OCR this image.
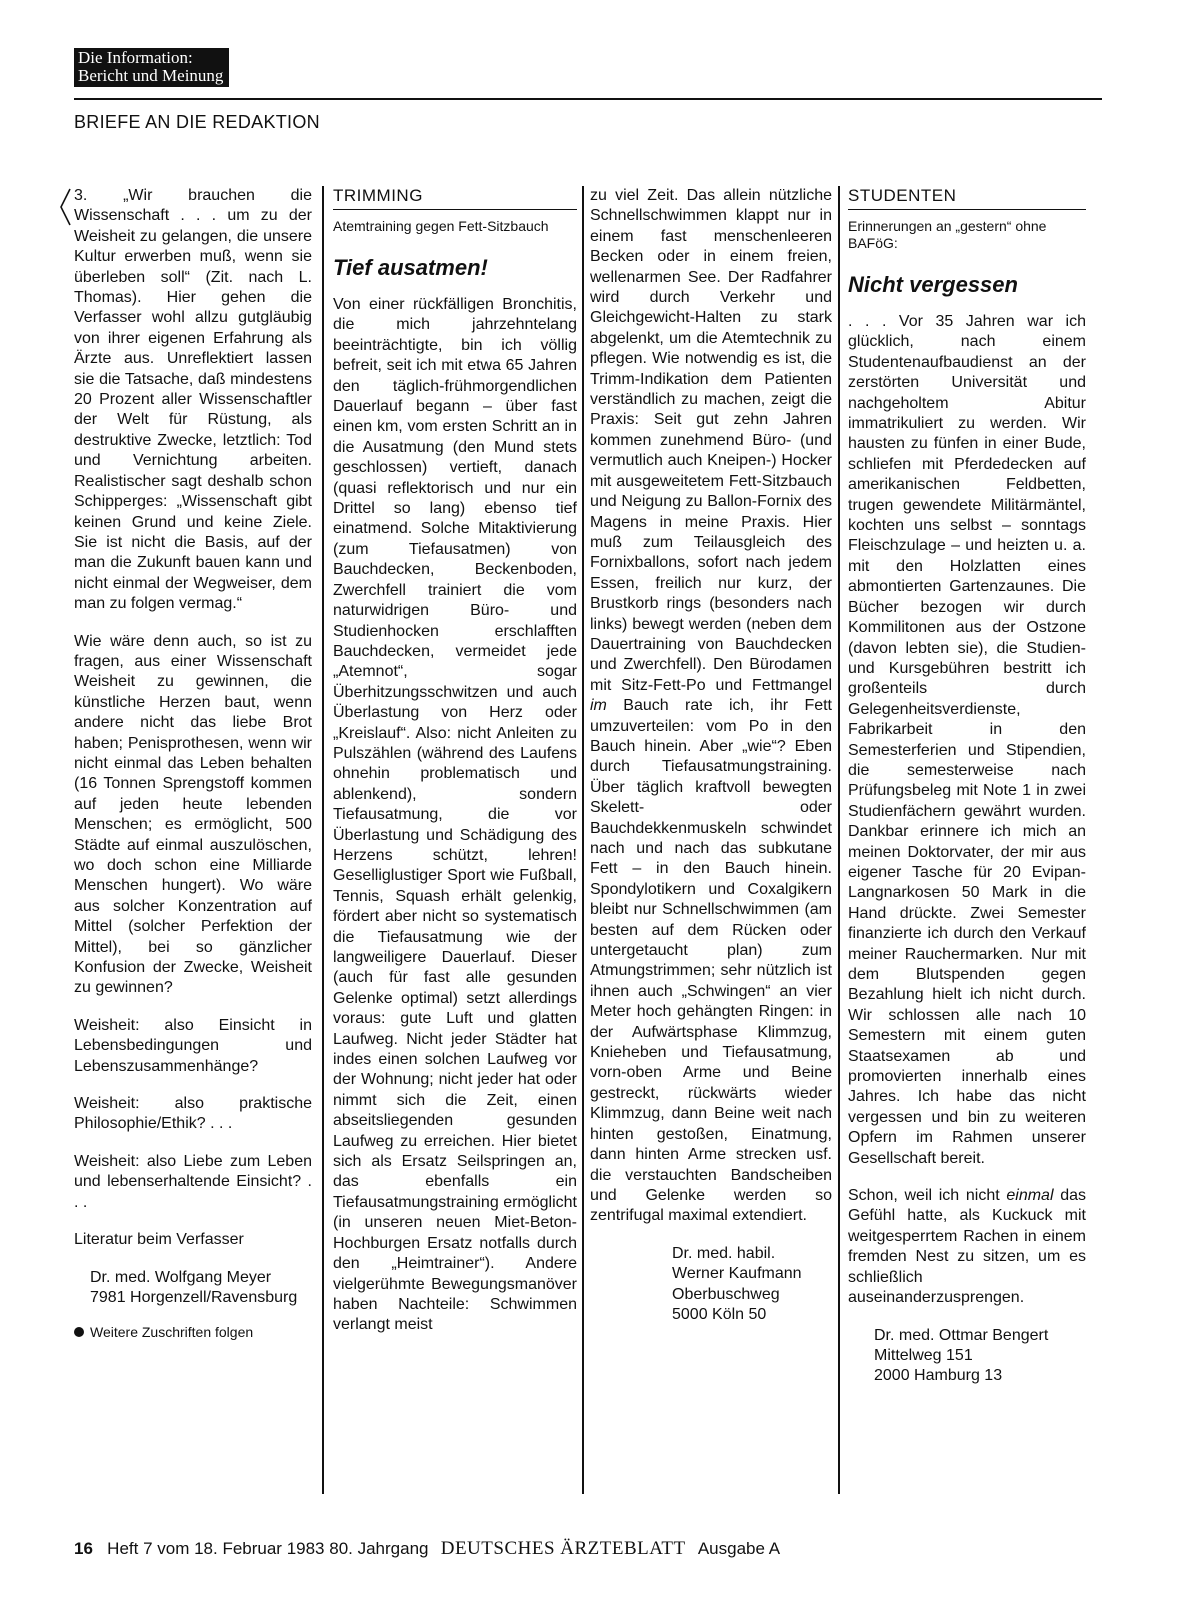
Die Information:
Bericht und Meinung
BRIEFE AN DIE REDAKTION

3. „Wir brauchen die Wissenschaft . . . um zu der Weisheit zu gelangen, die unsere Kultur erwerben muß, wenn sie überleben soll“ (Zit. nach L. Thomas). Hier gehen die Verfasser wohl allzu gutgläubig von ihrer eigenen Erfahrung als Ärzte aus. Unreflektiert lassen sie die Tatsache, daß mindestens 20 Prozent aller Wissenschaftler der Welt für Rüstung, als destruktive Zwecke, letztlich: Tod und Vernichtung arbeiten. Realistischer sagt deshalb schon Schipperges: „Wissenschaft gibt keinen Grund und keine Ziele. Sie ist nicht die Basis, auf der man die Zukunft bauen kann und nicht einmal der Wegweiser, dem man zu folgen vermag.“

Wie wäre denn auch, so ist zu fragen, aus einer Wissenschaft Weisheit zu gewinnen, die künstliche Herzen baut, wenn andere nicht das liebe Brot haben; Penisprothesen, wenn wir nicht einmal das Leben behalten (16 Tonnen Sprengstoff kommen auf jeden heute lebenden Menschen; es ermöglicht, 500 Städte auf einmal auszulöschen, wo doch schon eine Milliarde Menschen hungert). Wo wäre aus solcher Konzentration auf Mittel (solcher Perfektion der Mittel), bei so gänzlicher Konfusion der Zwecke, Weisheit zu gewinnen?

Weisheit: also Einsicht in Lebensbedingungen und Lebenszusammenhänge?

Weisheit: also praktische Philosophie/Ethik? . . .

Weisheit: also Liebe zum Leben und lebenserhaltende Einsicht? . . .

Literatur beim Verfasser

Dr. med. Wolfgang Meyer
7981 Horgenzell/Ravensburg
Weitere Zuschriften folgen
TRIMMING
Atemtraining gegen Fett-Sitzbauch
Tief ausatmen!

Von einer rückfälligen Bronchitis, die mich jahrzehntelang beeinträchtigte, bin ich völlig befreit, seit ich mit etwa 65 Jahren den täglich-frühmorgendlichen Dauerlauf begann – über fast einen km, vom ersten Schritt an in die Ausatmung (den Mund stets geschlossen) vertieft, danach (quasi reflektorisch und nur ein Drittel so lang) ebenso tief einatmend. Solche Mitaktivierung (zum Tiefausatmen) von Bauchdecken, Beckenboden, Zwerchfell trainiert die vom naturwidrigen Büro- und Studienhocken erschlafften Bauchdecken, vermeidet jede „Atemnot“, sogar Überhitzungsschwitzen und auch Überlastung von Herz oder „Kreislauf“. Also: nicht Anleiten zu Pulszählen (während des Laufens ohnehin problematisch und ablenkend), sondern Tiefausatmung, die vor Überlastung und Schädigung des Herzens schützt, lehren! Geselliglustiger Sport wie Fußball, Tennis, Squash erhält gelenkig, fördert aber nicht so systematisch die Tiefausatmung wie der langweiligere Dauerlauf. Dieser (auch für fast alle gesunden Gelenke optimal) setzt allerdings voraus: gute Luft und glatten Laufweg. Nicht jeder Städter hat indes einen solchen Laufweg vor der Wohnung; nicht jeder hat oder nimmt sich die Zeit, einen abseitsliegenden gesunden Laufweg zu erreichen. Hier bietet sich als Ersatz Seilspringen an, das ebenfalls ein Tiefausatmungstraining ermöglicht (in unseren neuen Miet-Beton-Hochburgen Ersatz notfalls durch den „Heimtrainer“). Andere vielgerühmte Bewegungsmanöver haben Nachteile: Schwimmen verlangt meist

zu viel Zeit. Das allein nützliche Schnellschwimmen klappt nur in einem fast menschenleeren Becken oder in einem freien, wellenarmen See. Der Radfahrer wird durch Verkehr und Gleichgewicht-Halten zu stark abgelenkt, um die Atemtechnik zu pflegen. Wie notwendig es ist, die Trimm-Indikation dem Patienten verständlich zu machen, zeigt die Praxis: Seit gut zehn Jahren kommen zunehmend Büro- (und vermutlich auch Kneipen-) Hocker mit ausgeweitetem Fett-Sitzbauch und Neigung zu Ballon-Fornix des Magens in meine Praxis. Hier muß zum Teilausgleich des Fornixballons, sofort nach jedem Essen, freilich nur kurz, der Brustkorb rings (besonders nach links) bewegt werden (neben dem Dauertraining von Bauchdecken und Zwerchfell). Den Bürodamen mit Sitz-Fett-Po und Fettmangel im Bauch rate ich, ihr Fett umzuverteilen: vom Po in den Bauch hinein. Aber „wie“? Eben durch Tiefausatmungstraining. Über täglich kraftvoll bewegten Skelett- oder Bauchdekkenmuskeln schwindet nach und nach das subkutane Fett – in den Bauch hinein. Spondylotikern und Coxalgikern bleibt nur Schnellschwimmen (am besten auf dem Rücken oder untergetaucht plan) zum Atmungstrimmen; sehr nützlich ist ihnen auch „Schwingen“ an vier Meter hoch gehängten Ringen: in der Aufwärtsphase Klimmzug, Knieheben und Tiefausatmung, vorn-oben Arme und Beine gestreckt, rückwärts wieder Klimmzug, dann Beine weit nach hinten gestoßen, Einatmung, dann hinten Arme strecken usf. die verstauchten Bandscheiben und Gelenke werden so zentrifugal maximal extendiert.

Dr. med. habil.
Werner Kaufmann
Oberbuschweg
5000 Köln 50
STUDENTEN
Erinnerungen an „gestern“ ohne BAFöG:
Nicht vergessen

. . . Vor 35 Jahren war ich glücklich, nach einem Studentenaufbaudienst an der zerstörten Universität und nachgeholtem Abitur immatrikuliert zu werden. Wir hausten zu fünfen in einer Bude, schliefen mit Pferdedecken auf amerikanischen Feldbetten, trugen gewendete Militärmäntel, kochten uns selbst – sonntags Fleischzulage – und heizten u. a. mit den Holzlatten eines abmontierten Gartenzaunes. Die Bücher bezogen wir durch Kommilitonen aus der Ostzone (davon lebten sie), die Studien- und Kursgebühren bestritt ich großenteils durch Gelegenheitsverdienste, Fabrikarbeit in den Semesterferien und Stipendien, die semesterweise nach Prüfungsbeleg mit Note 1 in zwei Studienfächern gewährt wurden. Dankbar erinnere ich mich an meinen Doktorvater, der mir aus eigener Tasche für 20 Evipan-Langnarkosen 50 Mark in die Hand drückte. Zwei Semester finanzierte ich durch den Verkauf meiner Rauchermarken. Nur mit dem Blutspenden gegen Bezahlung hielt ich nicht durch. Wir schlossen alle nach 10 Semestern mit einem guten Staatsexamen ab und promovierten innerhalb eines Jahres. Ich habe das nicht vergessen und bin zu weiteren Opfern im Rahmen unserer Gesellschaft bereit.

Schon, weil ich nicht einmal das Gefühl hatte, als Kuckuck mit weitgesperrtem Rachen in einem fremden Nest zu sitzen, um es schließlich auseinanderzusprengen.

Dr. med. Ottmar Bengert
Mittelweg 151
2000 Hamburg 13
16 Heft 7 vom 18. Februar 1983 80. Jahrgang DEUTSCHES ÄRZTEBLATT Ausgabe A
